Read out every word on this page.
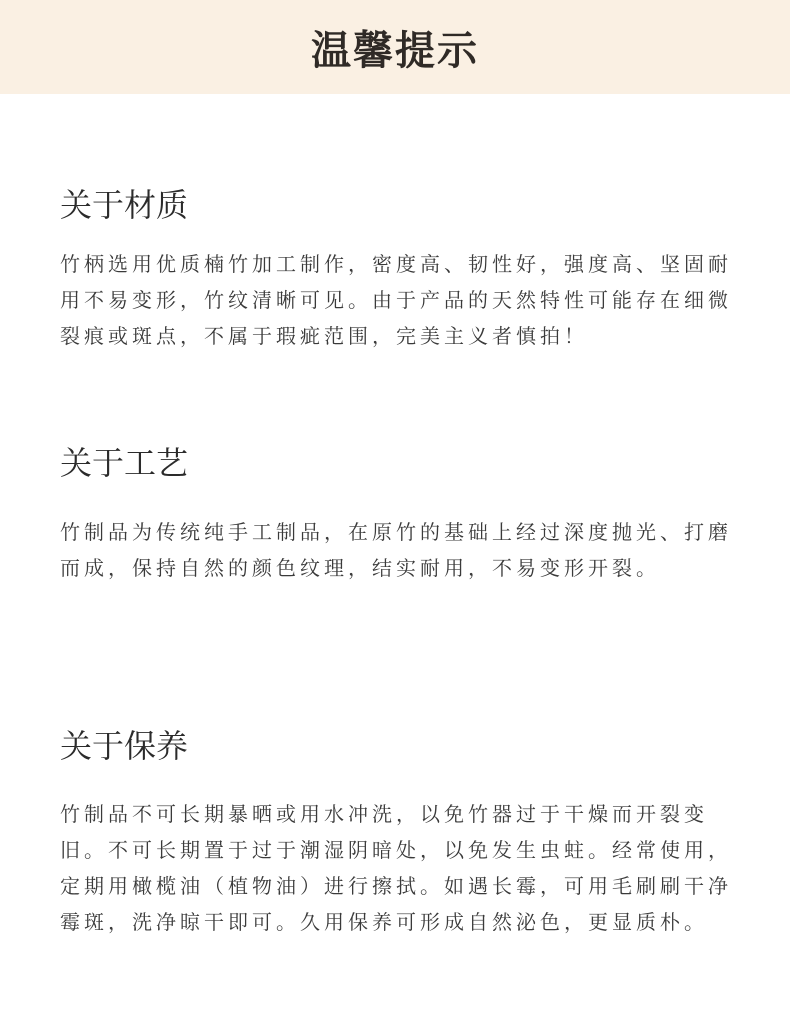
温馨提示
关于材质

竹柄选用优质楠竹加工制作，密度高、韧性好，强度高、坚固耐用不易变形，竹纹清晰可见。由于产品的天然特性可能存在细微裂痕或斑点，不属于瑕疵范围，完美主义者慎拍！

关于工艺

竹制品为传统纯手工制品，在原竹的基础上经过深度抛光、打磨而成，保持自然的颜色纹理，结实耐用，不易变形开裂。

关于保养

竹制品不可长期暴晒或用水冲洗，以免竹器过于干燥而开裂变旧。不可长期置于过于潮湿阴暗处，以免发生虫蛀。经常使用，定期用橄榄油（植物油）进行擦拭。如遇长霉，可用毛刷刷干净霉斑，洗净晾干即可。久用保养可形成自然泌色，更显质朴。
